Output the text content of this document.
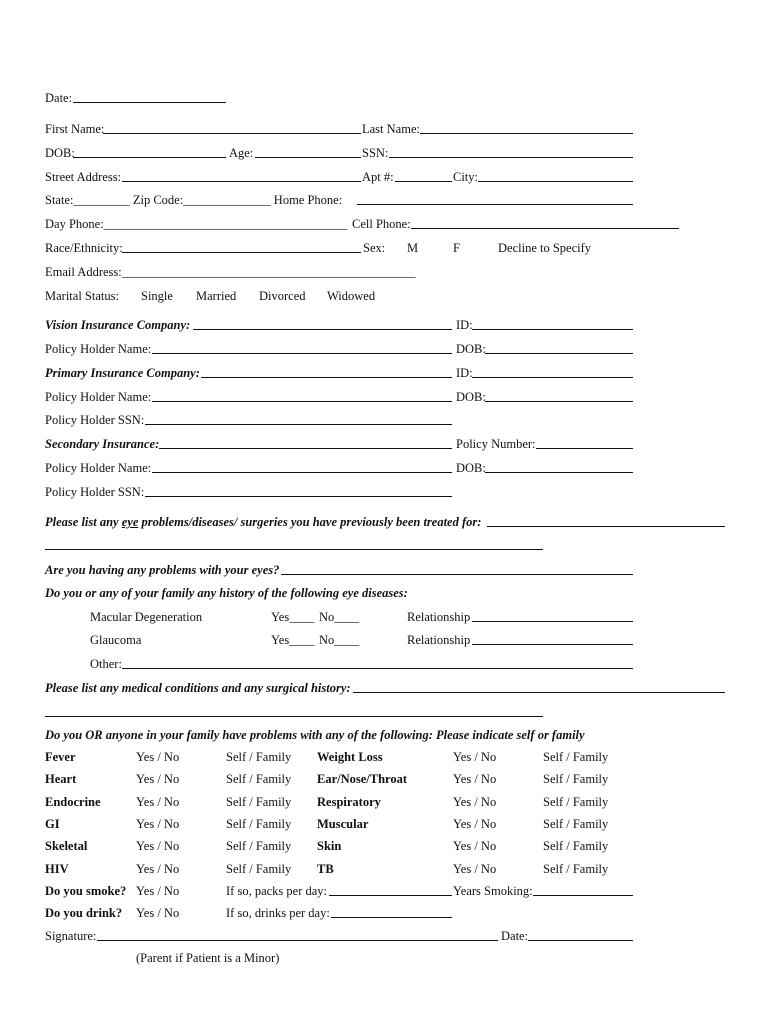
Date:
First Name:	Last Name:
DOB:	Age:	SSN:
Street Address:	Apt #:	City:
State:_________ Zip Code:______________ Home Phone:
Day Phone:_______________________________________ Cell Phone:
Race/Ethnicity:	Sex: M	F	Decline to Specify
Email Address:_______________________________________________
Marital Status: Single Married Divorced Widowed
Vision Insurance Company:	ID:
Policy Holder Name:	DOB:
Primary Insurance Company:	ID:
Policy Holder Name:	DOB:
Policy Holder SSN:
Secondary Insurance:	Policy Number:
Policy Holder Name:	DOB:
Policy Holder SSN:
Please list any eye problems/diseases/ surgeries you have previously been treated for:
Are you having any problems with your eyes?
Do you or any of your family any history of the following eye diseases:
Macular Degeneration	Yes____ No____	Relationship
Glaucoma	Yes____ No____	Relationship
Other:
Please list any medical conditions and any surgical history:
Do you OR anyone in your family have problems with any of the following: Please indicate self or family
Fever	Yes / No	Self / Family Weight Loss	Yes / No	Self / Family
Heart	Yes / No	Self / Family Ear/Nose/Throat	Yes / No	Self / Family
Endocrine	Yes / No	Self / Family Respiratory	Yes / No	Self / Family
GI	Yes / No	Self / Family Muscular	Yes / No	Self / Family
Skeletal	Yes / No	Self / Family Skin	Yes / No	Self / Family
HIV	Yes / No	Self / Family TB	Yes / No	Self / Family
Do you smoke? Yes / No	If so, packs per day:	Years Smoking:
Do you drink? Yes / No	If so, drinks per day:
Signature:	Date:
(Parent if Patient is a Minor)
